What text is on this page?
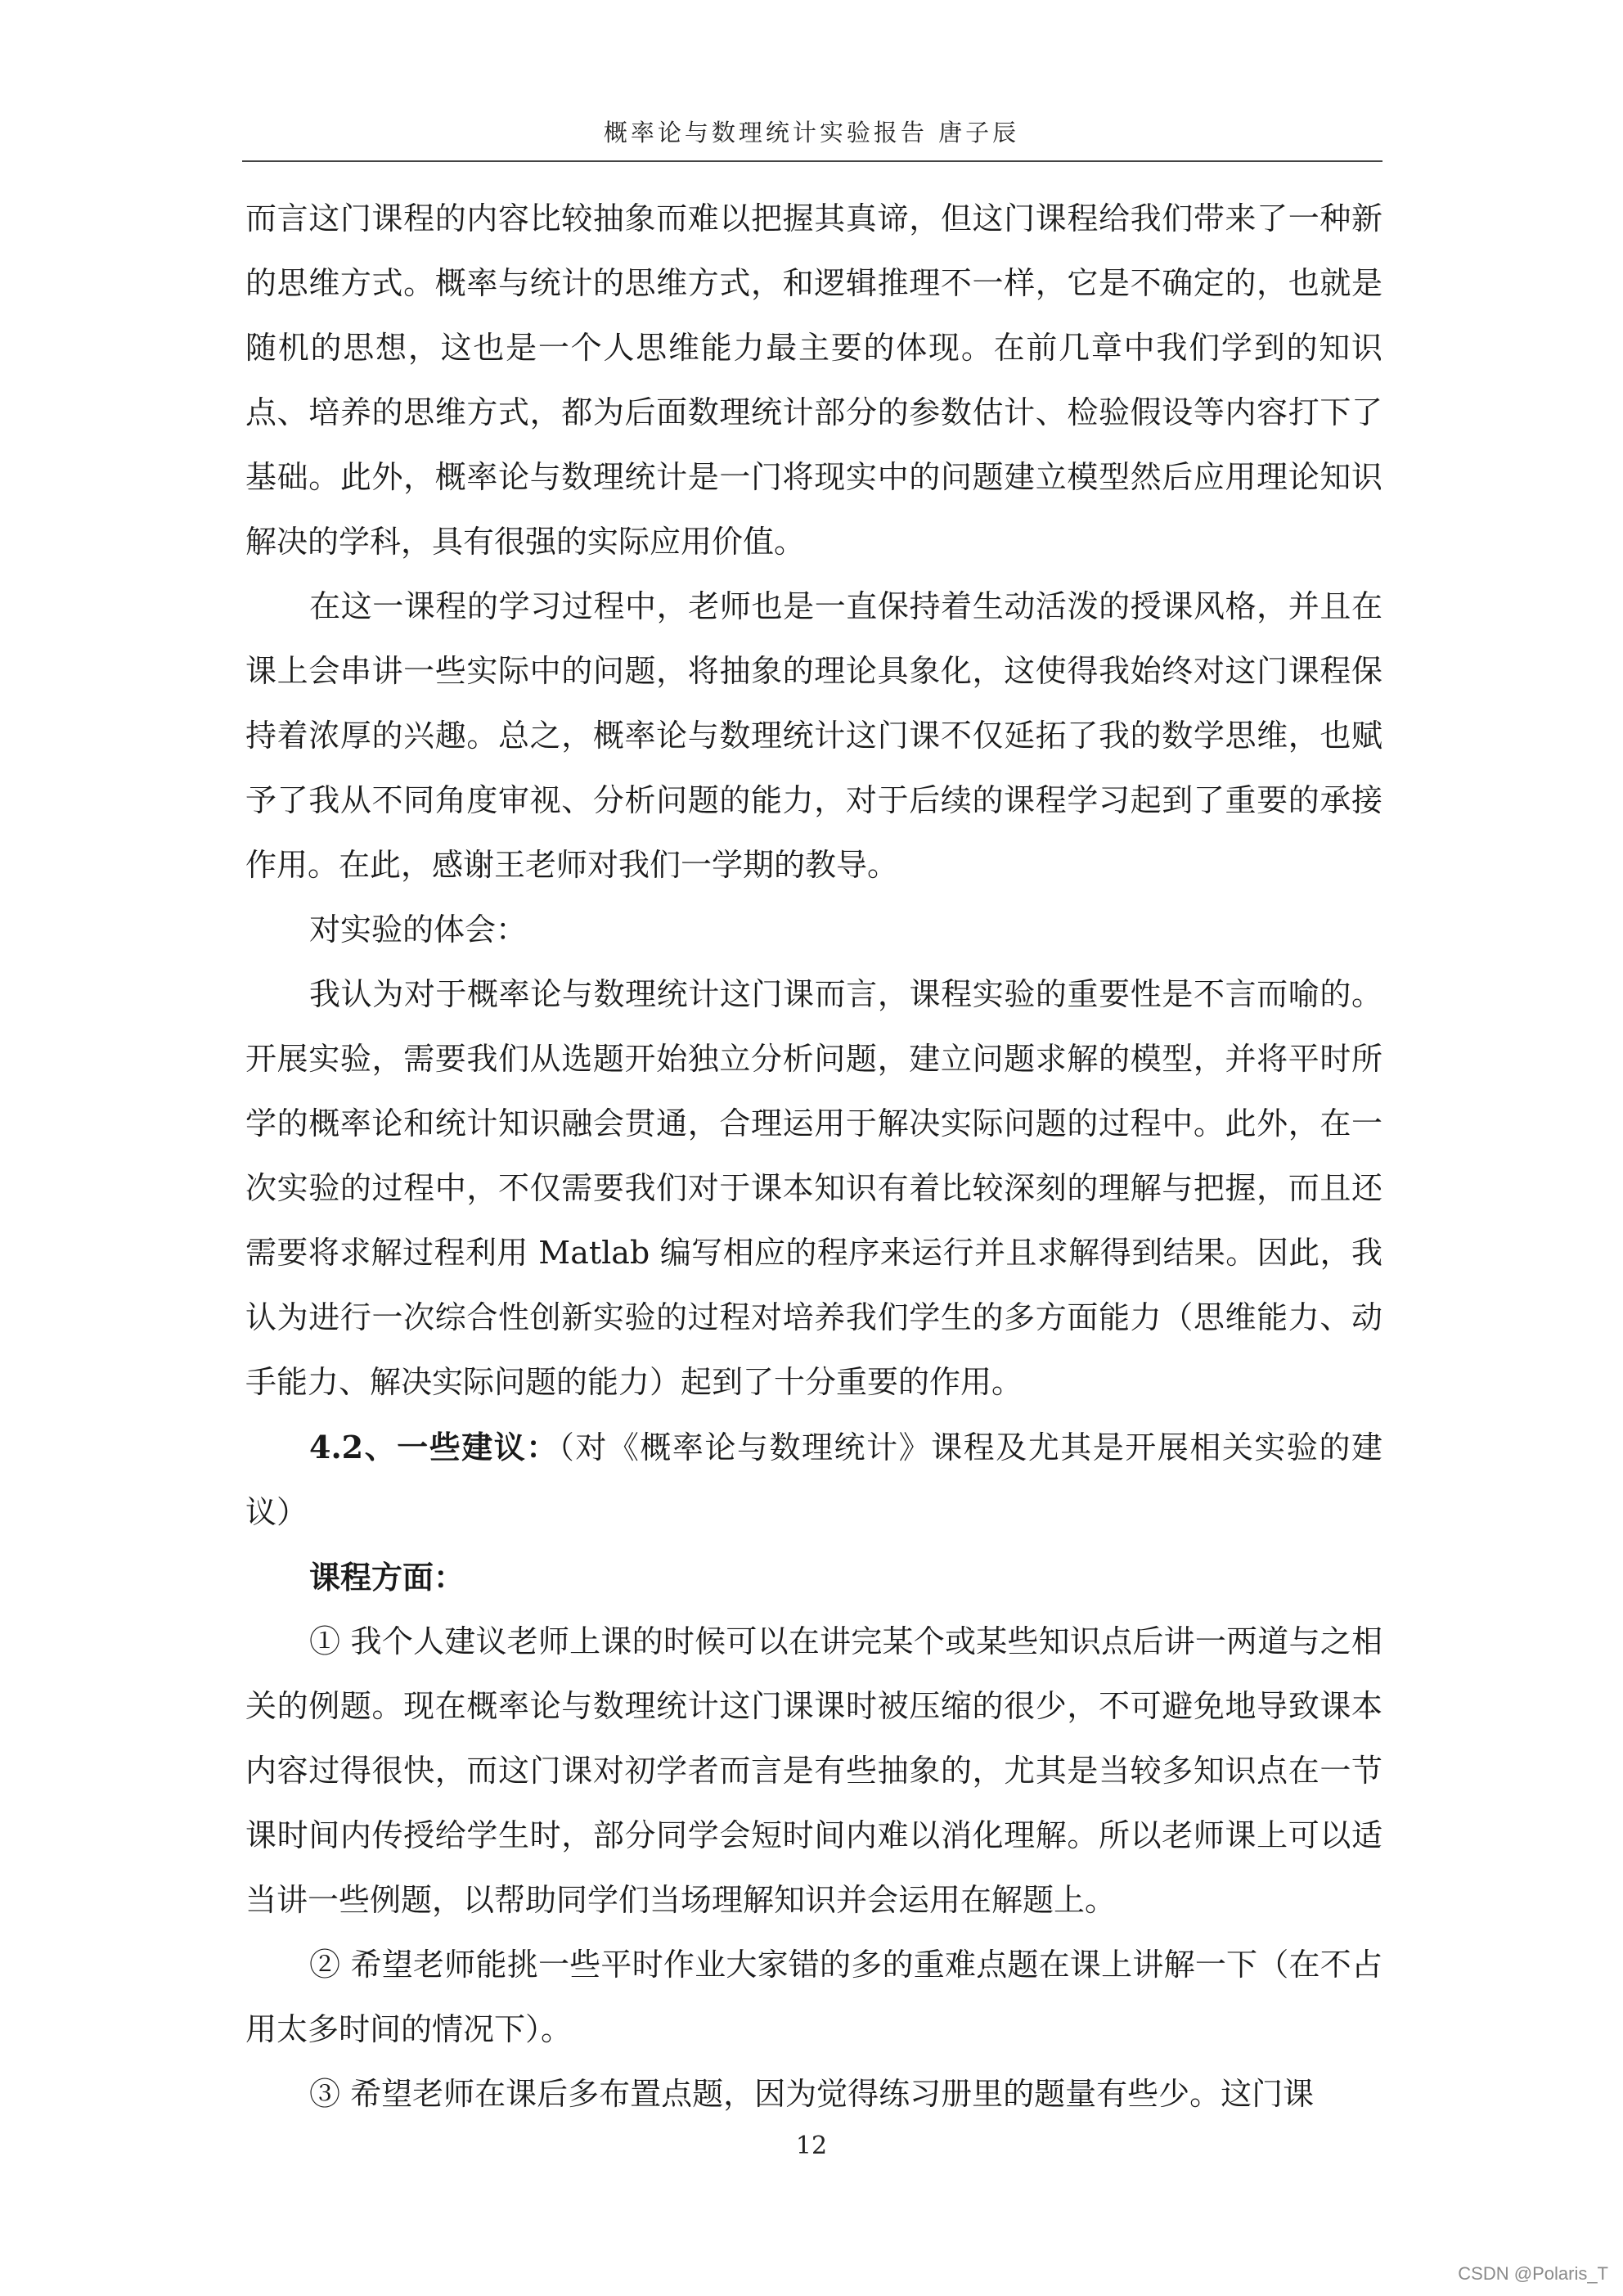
概率论与数理统计实验报告 唐子辰

而言这门课程的内容比较抽象而难以把握其真谛，但这门课程给我们带来了一种新的思维方式。概率与统计的思维方式，和逻辑推理不一样，它是不确定的，也就是随机的思想，这也是一个人思维能力最主要的体现。在前几章中我们学到的知识点、培养的思维方式，都为后面数理统计部分的参数估计、检验假设等内容打下了基础。此外，概率论与数理统计是一门将现实中的问题建立模型然后应用理论知识解决的学科，具有很强的实际应用价值。

在这一课程的学习过程中，老师也是一直保持着生动活泼的授课风格，并且在课上会串讲一些实际中的问题，将抽象的理论具象化，这使得我始终对这门课程保持着浓厚的兴趣。总之，概率论与数理统计这门课不仅延拓了我的数学思维，也赋予了我从不同角度审视、分析问题的能力，对于后续的课程学习起到了重要的承接作用。在此，感谢王老师对我们一学期的教导。

对实验的体会：

我认为对于概率论与数理统计这门课而言，课程实验的重要性是不言而喻的。开展实验，需要我们从选题开始独立分析问题，建立问题求解的模型，并将平时所学的概率论和统计知识融会贯通，合理运用于解决实际问题的过程中。此外，在一次实验的过程中，不仅需要我们对于课本知识有着比较深刻的理解与把握，而且还需要将求解过程利用 Matlab 编写相应的程序来运行并且求解得到结果。因此，我认为进行一次综合性创新实验的过程对培养我们学生的多方面能力（思维能力、动手能力、解决实际问题的能力）起到了十分重要的作用。

4.2、一些建议：（对《概率论与数理统计》课程及尤其是开展相关实验的建议）

课程方面：

① 我个人建议老师上课的时候可以在讲完某个或某些知识点后讲一两道与之相关的例题。现在概率论与数理统计这门课课时被压缩的很少，不可避免地导致课本内容过得很快，而这门课对初学者而言是有些抽象的，尤其是当较多知识点在一节课时间内传授给学生时，部分同学会短时间内难以消化理解。所以老师课上可以适当讲一些例题，以帮助同学们当场理解知识并会运用在解题上。

② 希望老师能挑一些平时作业大家错的多的重难点题在课上讲解一下（在不占用太多时间的情况下）。

③ 希望老师在课后多布置点题，因为觉得练习册里的题量有些少。这门课

12
CSDN @Polaris_T
